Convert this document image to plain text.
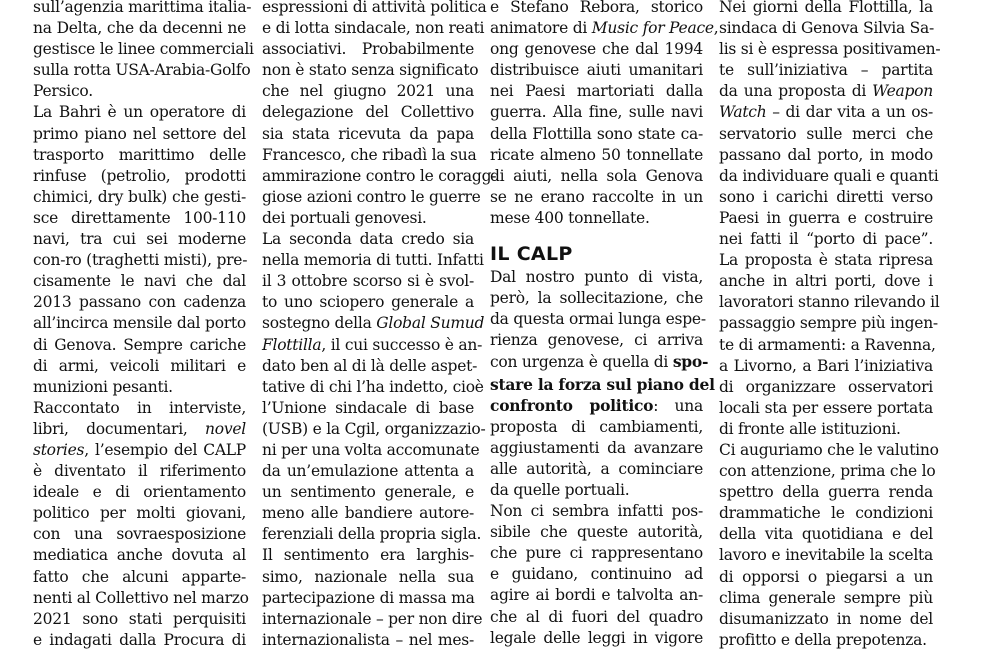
sull’agenzia marittima italia-
na Delta, che da decenni ne
gestisce le linee commerciali
sulla rotta USA-Arabia-Golfo
Persico.
La Bahri è un operatore di
primo piano nel settore del
trasporto marittimo delle
rinfuse (petrolio, prodotti
chimici, dry bulk) che gesti-
sce direttamente 100-110
navi, tra cui sei moderne
con-ro (traghetti misti), pre-
cisamente le navi che dal
2013 passano con cadenza
all’incirca mensile dal porto
di Genova. Sempre cariche
di armi, veicoli militari e
munizioni pesanti.
Raccontato in interviste,
libri, documentari, novel
stories, l’esempio del CALP
è diventato il riferimento
ideale e di orientamento
politico per molti giovani,
con una sovraesposizione
mediatica anche dovuta al
fatto che alcuni apparte-
nenti al Collettivo nel marzo
2021 sono stati perquisiti
e indagati dalla Procura di
espressioni di attività politica
e di lotta sindacale, non reati
associativi. Probabilmente
non è stato senza significato
che nel giugno 2021 una
delegazione del Collettivo
sia stata ricevuta da papa
Francesco, che ribadì la sua
ammirazione contro le coragg-
giose azioni contro le guerre
dei portuali genovesi.
La seconda data credo sia
nella memoria di tutti. Infatti
il 3 ottobre scorso si è svol-
to uno sciopero generale a
sostegno della Global Sumud
Flottilla, il cui successo è an-
dato ben al di là delle aspet-
tative di chi l’ha indetto, cioè
l’Unione sindacale di base
(USB) e la Cgil, organizzazio-
ni per una volta accomunate
da un’emulazione attenta a
un sentimento generale, e
meno alle bandiere autore-
ferenziali della propria sigla.
Il sentimento era larghis-
simo, nazionale nella sua
partecipazione di massa ma
internazionale – per non dire
internazionalista – nel mes-
e Stefano Rebora, storico
animatore di Music for Peace,
ong genovese che dal 1994
distribuisce aiuti umanitari
nei Paesi martoriati dalla
guerra. Alla fine, sulle navi
della Flottilla sono state ca-
ricate almeno 50 tonnellate
di aiuti, nella sola Genova
se ne erano raccolte in un
mese 400 tonnellate.
IL CALP
Dal nostro punto di vista,
però, la sollecitazione, che
da questa ormai lunga espe-
rienza genovese, ci arriva
con urgenza è quella di spo-
stare la forza sul piano del
confronto politico: una
proposta di cambiamenti,
aggiustamenti da avanzare
alle autorità, a cominciare
da quelle portuali.
Non ci sembra infatti pos-
sibile che queste autorità,
che pure ci rappresentano
e guidano, continuino ad
agire ai bordi e talvolta an-
che al di fuori del quadro
legale delle leggi in vigore
Nei giorni della Flottilla, la
sindaca di Genova Silvia Sa-
lis si è espressa positivamen-
te sull’iniziativa – partita
da una proposta di Weapon
Watch – di dar vita a un os-
servatorio sulle merci che
passano dal porto, in modo
da individuare quali e quanti
sono i carichi diretti verso
Paesi in guerra e costruire
nei fatti il “porto di pace”.
La proposta è stata ripresa
anche in altri porti, dove i
lavoratori stanno rilevando il
passaggio sempre più ingen-
te di armamenti: a Ravenna,
a Livorno, a Bari l’iniziativa
di organizzare osservatori
locali sta per essere portata
di fronte alle istituzioni.
Ci auguriamo che le valutino
con attenzione, prima che lo
spettro della guerra renda
drammatiche le condizioni
della vita quotidiana e del
lavoro e inevitabile la scelta
di opporsi o piegarsi a un
clima generale sempre più
disumanizzato in nome del
profitto e della prepotenza.
